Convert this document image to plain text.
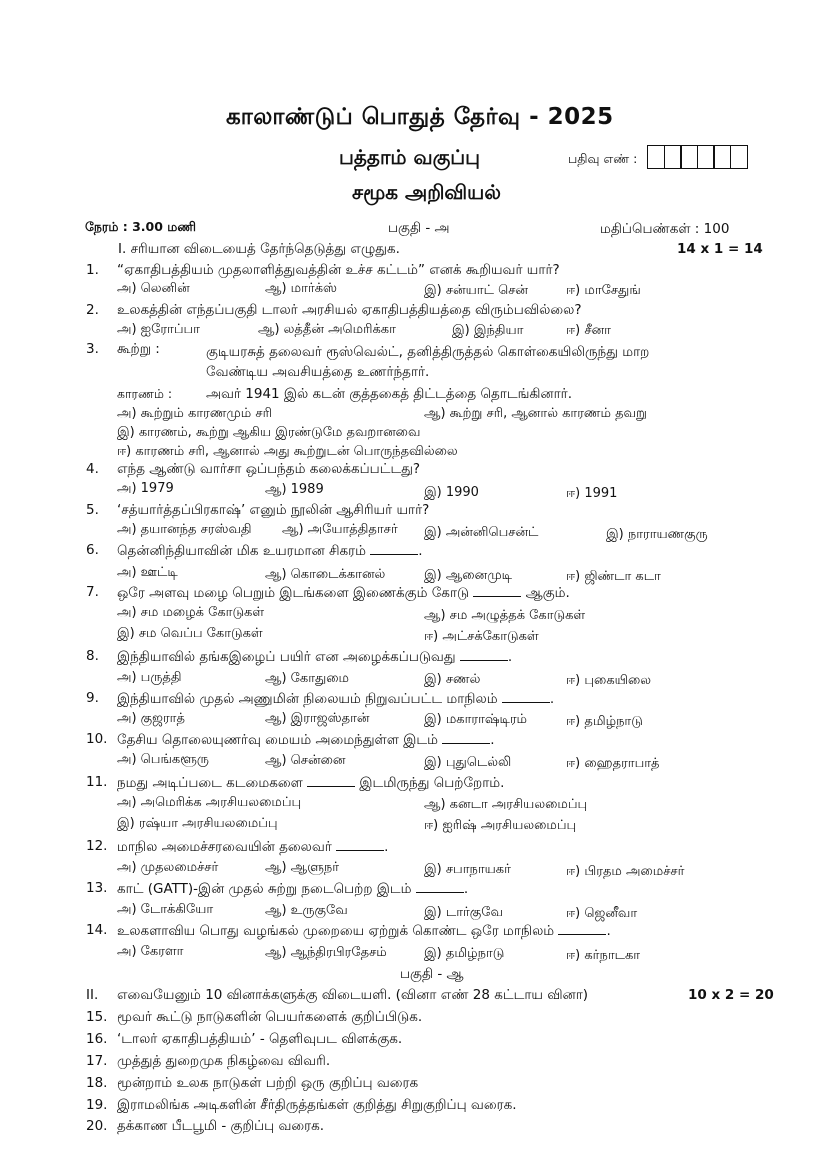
காலாண்டுப் பொதுத் தேர்வு - 2025
பத்தாம் வகுப்பு	பதிவு எண் :
சமூக அறிவியல்
நேரம் : 3.00 மணி	பகுதி - அ	மதிப்பெண்கள் : 100
I. சரியான விடையைத் தேர்ந்தெடுத்து எழுதுக.	14 x 1 = 14
1. “ஏகாதிபத்தியம் முதலாளித்துவத்தின் உச்ச கட்டம்” எனக் கூறியவர் யார்?
அ) லெனின்	ஆ) மார்க்ஸ்	இ) சன்யாட் சென்	ஈ) மாசேதுங்
2. உலகத்தின் எந்தப்பகுதி டாலர் அரசியல் ஏகாதிபத்தியத்தை விரும்பவில்லை?
அ) ஐரோப்பா	ஆ) லத்தீன் அமெரிக்கா	இ) இந்தியா	ஈ) சீனா
3. கூற்று :	குடியரசுத் தலைவர் ரூஸ்வெல்ட், தனித்திருத்தல் கொள்கையிலிருந்து மாற
வேண்டிய அவசியத்தை உணர்ந்தார்.
காரணம் :	அவர் 1941 இல் கடன் குத்தகைத் திட்டத்தை தொடங்கினார்.
அ) கூற்றும் காரணமும் சரி	ஆ) கூற்று சரி, ஆனால் காரணம் தவறு
இ) காரணம், கூற்று ஆகிய இரண்டுமே தவறானவை
ஈ) காரணம் சரி, ஆனால் அது கூற்றுடன் பொருந்தவில்லை
4. எந்த ஆண்டு வார்சா ஒப்பந்தம் கலைக்கப்பட்டது?
அ) 1979	ஆ) 1989	இ) 1990	ஈ) 1991
5. ‘சத்யார்த்தப்பிரகாஷ்’ எனும் நூலின் ஆசிரியர் யார்?
அ) தயானந்த சரஸ்வதி ஆ) அயோத்திதாசர் இ) அன்னிபெசன்ட்	இ) நாராயணகுரு
6. தென்னிந்தியாவின் மிக உயரமான சிகரம்	.
அ) ஊட்டி	ஆ) கொடைக்கானல்	இ) ஆனைமுடி	ஈ) ஜிண்டா கடா
7. ஒரே அளவு மழை பெறும் இடங்களை இணைக்கும் கோடு	ஆகும்.
அ) சம மழைக் கோடுகள்	ஆ) சம அழுத்தக் கோடுகள்
இ) சம வெப்ப கோடுகள்	ஈ) அட்சக்கோடுகள்
8. இந்தியாவில் தங்கஇழைப் பயிர் என அழைக்கப்படுவது	.
அ) பருத்தி	ஆ) கோதுமை	இ) சணல்	ஈ) புகையிலை
9. இந்தியாவில் முதல் அணுமின் நிலையம் நிறுவப்பட்ட மாநிலம்	.
அ) குஜராத்	ஆ) இராஜஸ்தான்	இ) மகாராஷ்டிரம்	ஈ) தமிழ்நாடு
10. தேசிய தொலையுணர்வு மையம் அமைந்துள்ள இடம்	.
அ) பெங்களூரு	ஆ) சென்னை	இ) புதுடெல்லி	ஈ) ஹைதராபாத்
11. நமது அடிப்படை கடமைகளை	இடமிருந்து பெற்றோம்.
அ) அமெரிக்க அரசியலமைப்பு	ஆ) கனடா அரசியலமைப்பு
இ) ரஷ்யா அரசியலமைப்பு	ஈ) ஐரிஷ் அரசியலமைப்பு
12. மாநில அமைச்சரவையின் தலைவர்	.
அ) முதலமைச்சர்	ஆ) ஆளுநர்	இ) சபாநாயகர்	ஈ) பிரதம அமைச்சர்
13. காட் (GATT)-இன் முதல் சுற்று நடைபெற்ற இடம்	.
அ) டோக்கியோ	ஆ) உருகுவே	இ) டார்குவே	ஈ) ஜெனீவா
14. உலகளாவிய பொது வழங்கல் முறையை ஏற்றுக் கொண்ட ஒரே மாநிலம்	.
அ) கேரளா	ஆ) ஆந்திரபிரதேசம்	இ) தமிழ்நாடு	ஈ) கர்நாடகா
பகுதி - ஆ
II. எவையேனும் 10 வினாக்களுக்கு விடையளி. (வினா எண் 28 கட்டாய வினா)	10 x 2 = 20
15. மூவர் கூட்டு நாடுகளின் பெயர்களைக் குறிப்பிடுக.
16. ‘டாலர் ஏகாதிபத்தியம்’ - தெளிவுபட விளக்குக.
17. முத்துத் துறைமுக நிகழ்வை விவரி.
18. மூன்றாம் உலக நாடுகள் பற்றி ஒரு குறிப்பு வரைக
19. இராமலிங்க அடிகளின் சீர்திருத்தங்கள் குறித்து சிறுகுறிப்பு வரைக.
20. தக்காண பீடபூமி - குறிப்பு வரைக.
